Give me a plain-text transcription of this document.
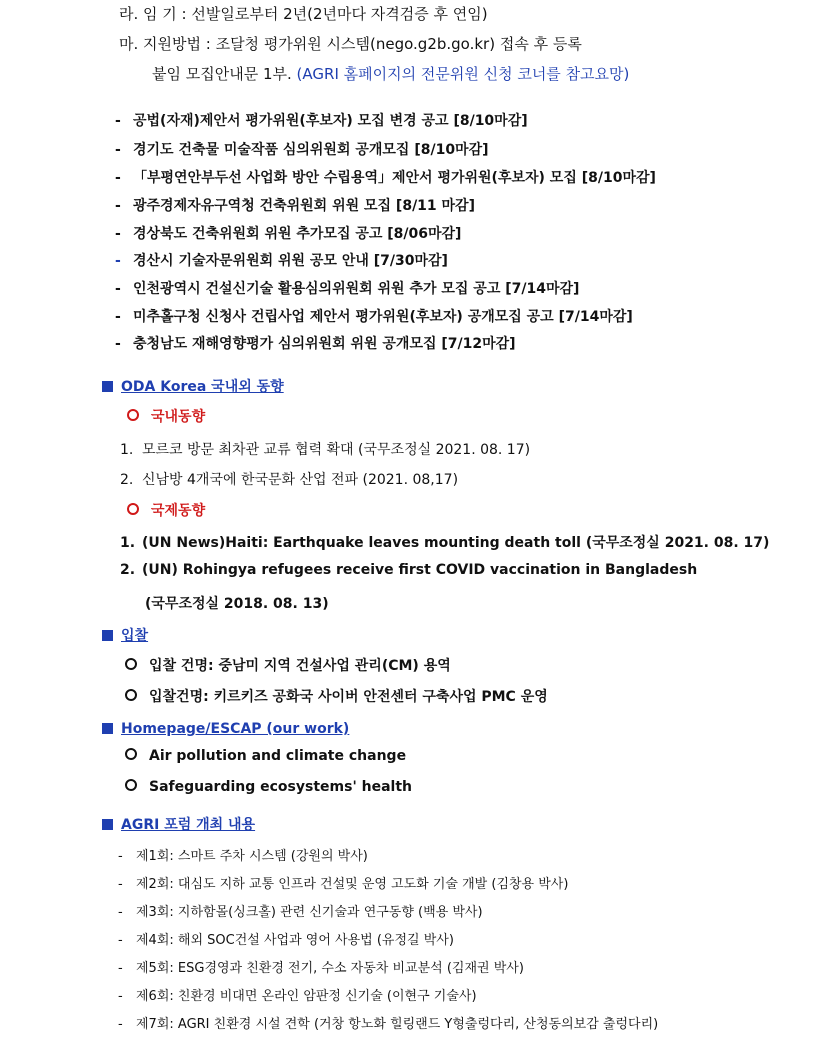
라. 임 기 : 선발일로부터 2년(2년마다 자격검증 후 연임)
마. 지원방법 : 조달청 평가위원 시스템(nego.g2b.go.kr) 접속 후 등록
붙임 모집안내문 1부. (AGRI 홈페이지의 전문위원 신청 코너를 참고요망)
- 공법(자재)제안서 평가위원(후보자) 모집 변경 공고 [8/10마감]
- 경기도 건축물 미술작품 심의위원회 공개모집 [8/10마감]
- 「부평연안부두선 사업화 방안 수립용역」제안서 평가위원(후보자) 모집 [8/10마감]
- 광주경제자유구역청 건축위원회 위원 모집 [8/11 마감]
- 경상북도 건축위원회 위원 추가모집 공고 [8/06마감]
- 경산시 기술자문위원회 위원 공모 안내 [7/30마감]
- 인천광역시 건설신기술 활용심의위원회 위원 추가 모집 공고 [7/14마감]
- 미추홀구청 신청사 건립사업 제안서 평가위원(후보자) 공개모집 공고 [7/14마감]
- 충청남도 재해영향평가 심의위원회 위원 공개모집 [7/12마감]
ODA Korea 국내외 동향
국내동향
1. 모르코 방문 최차관 교류 협력 확대 (국무조정실 2021. 08. 17)
2. 신남방 4개국에 한국문화 산업 전파 (2021. 08,17)
국제동향
1. (UN News)Haiti: Earthquake leaves mounting death toll (국무조정실 2021. 08. 17)
2. (UN) Rohingya refugees receive first COVID vaccination in Bangladesh
(국무조정실 2018. 08. 13)
입찰
입찰 건명: 중남미 지역 건설사업 관리(CM) 용역
입찰건명: 키르키즈 공화국 사이버 안전센터 구축사업 PMC 운영
Homepage/ESCAP (our work)
Air pollution and climate change
Safeguarding ecosystems' health
AGRI 포럼 개최 내용
- 제1회: 스마트 주차 시스템 (강원의 박사)
- 제2회: 대심도 지하 교통 인프라 건설및 운영 고도화 기술 개발 (김창용 박사)
- 제3회: 지하함몰(싱크홀) 관련 신기술과 연구동향 (백용 박사)
- 제4회: 해외 SOC건설 사업과 영어 사용법 (유정길 박사)
- 제5회: ESG경영과 친환경 전기, 수소 자동차 비교분석 (김재권 박사)
- 제6회: 친환경 비대면 온라인 암판정 신기술 (이현구 기술사)
- 제7회: AGRI 친환경 시설 견학 (거창 항노화 힐링랜드 Y형출렁다리, 산청동의보감 출렁다리)
